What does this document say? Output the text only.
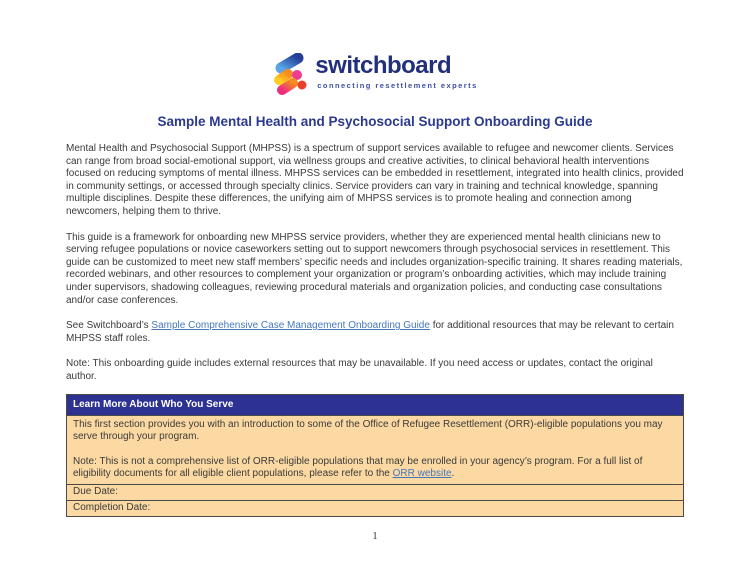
switchboard
connecting resettlement experts
Sample Mental Health and Psychosocial Support Onboarding Guide

Mental Health and Psychosocial Support (MHPSS) is a spectrum of support services available to refugee and newcomer clients. Services can range from broad social-emotional support, via wellness groups and creative activities, to clinical behavioral health interventions focused on reducing symptoms of mental illness. MHPSS services can be embedded in resettlement, integrated into health clinics, provided in community settings, or accessed through specialty clinics. Service providers can vary in training and technical knowledge, spanning multiple disciplines. Despite these differences, the unifying aim of MHPSS services is to promote healing and connection among newcomers, helping them to thrive.

This guide is a framework for onboarding new MHPSS service providers, whether they are experienced mental health clinicians new to serving refugee populations or novice caseworkers setting out to support newcomers through psychosocial services in resettlement. This guide can be customized to meet new staff members’ specific needs and includes organization-specific training. It shares reading materials, recorded webinars, and other resources to complement your organization or program’s onboarding activities, which may include training under supervisors, shadowing colleagues, reviewing procedural materials and organization policies, and conducting case consultations and/or case conferences.

See Switchboard’s Sample Comprehensive Case Management Onboarding Guide for additional resources that may be relevant to certain MHPSS staff roles.

Note: This onboarding guide includes external resources that may be unavailable. If you need access or updates, contact the original author.

Learn More About Who You Serve

This first section provides you with an introduction to some of the Office of Refugee Resettlement (ORR)-eligible populations you may serve through your program.

Note: This is not a comprehensive list of ORR-eligible populations that may be enrolled in your agency’s program. For a full list of eligibility documents for all eligible client populations, please refer to the ORR website.

Due Date:
Completion Date:
1
